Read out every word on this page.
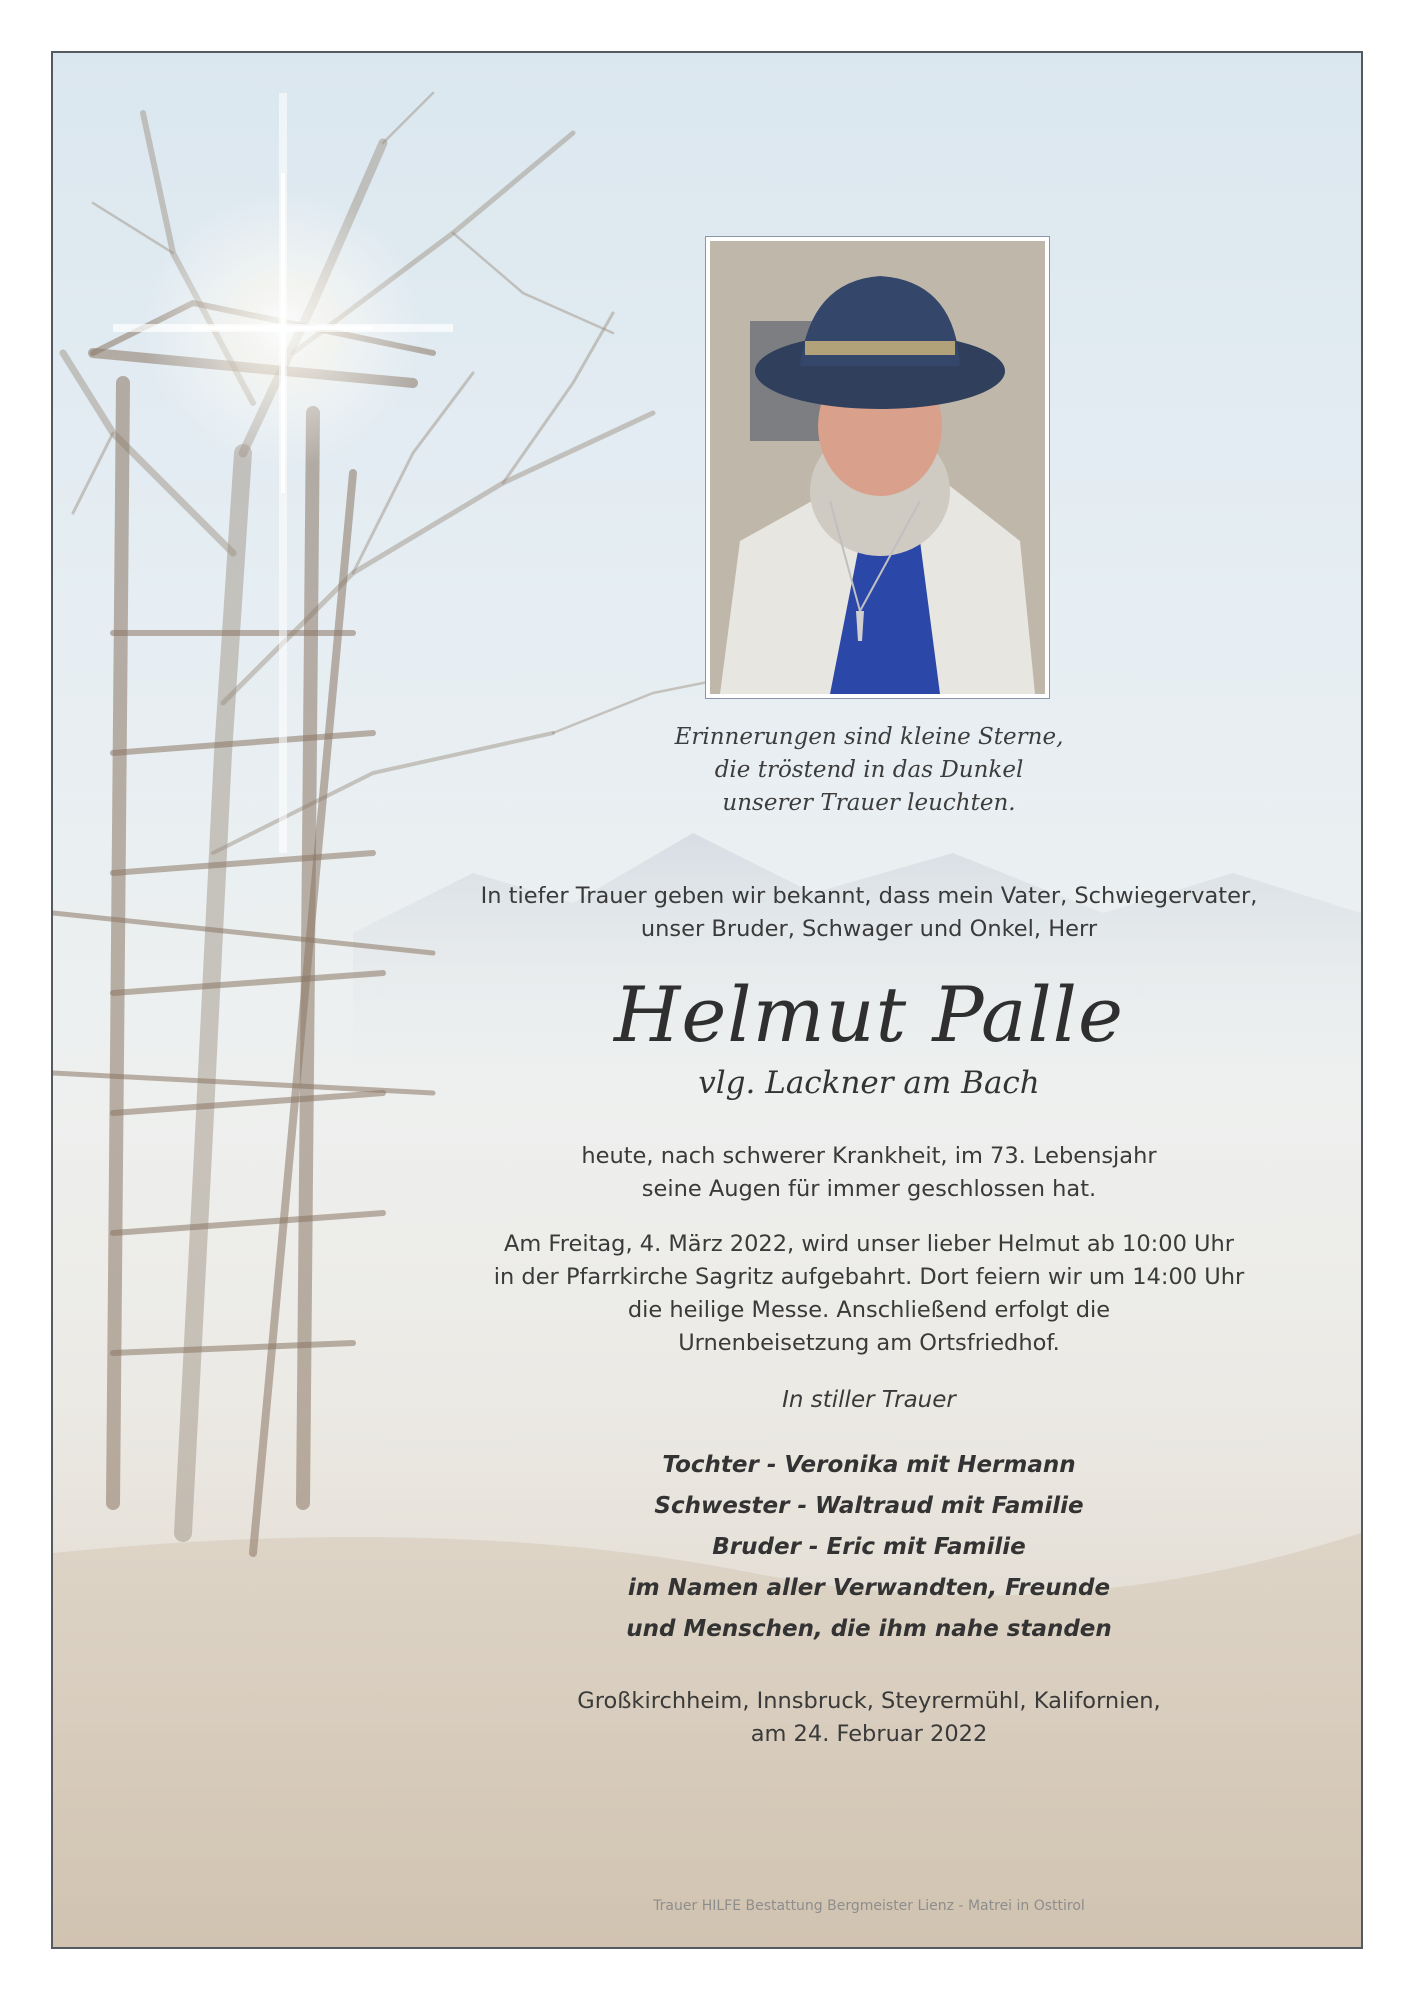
Erinnerungen sind kleine Sterne,
die tröstend in das Dunkel
unserer Trauer leuchten.
In tiefer Trauer geben wir bekannt, dass mein Vater, Schwiegervater,
unser Bruder, Schwager und Onkel, Herr
Helmut Palle
vlg. Lackner am Bach
heute, nach schwerer Krankheit, im 73. Lebensjahr
seine Augen für immer geschlossen hat.
Am Freitag, 4. März 2022, wird unser lieber Helmut ab 10:00 Uhr
in der Pfarrkirche Sagritz aufgebahrt. Dort feiern wir um 14:00 Uhr
die heilige Messe. Anschließend erfolgt die
Urnenbeisetzung am Ortsfriedhof.
In stiller Trauer
Tochter - Veronika mit Hermann
Schwester - Waltraud mit Familie
Bruder - Eric mit Familie
im Namen aller Verwandten, Freunde
und Menschen, die ihm nahe standen
Großkirchheim, Innsbruck, Steyrermühl, Kalifornien,
am 24. Februar 2022
Trauer HILFE Bestattung Bergmeister Lienz - Matrei in Osttirol
